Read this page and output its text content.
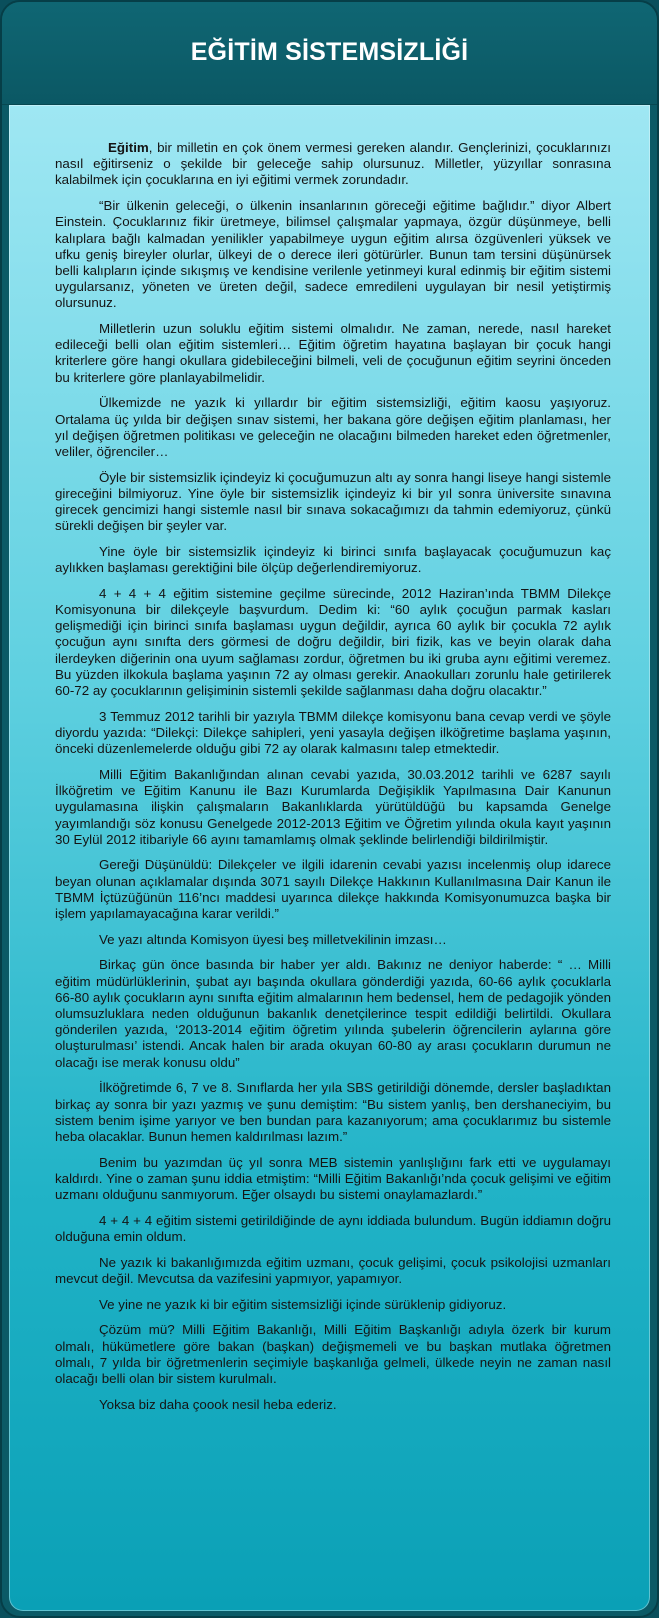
EĞİTİM SİSTEMSİZLİĞİ

Eğitim, bir milletin en çok önem vermesi gereken alandır. Gençlerinizi, çocuklarınızı nasıl eğitirseniz o şekilde bir geleceğe sahip olursunuz. Milletler, yüzyıllar sonrasına kalabilmek için çocuklarına en iyi eğitimi vermek zorundadır.

“Bir ülkenin geleceği, o ülkenin insanlarının göreceği eğitime bağlıdır.” diyor Albert Einstein. Çocuklarınız fikir üretmeye, bilimsel çalışmalar yapmaya, özgür düşünmeye, belli kalıplara bağlı kalmadan yenilikler yapabilmeye uygun eğitim alırsa özgüvenleri yüksek ve ufku geniş bireyler olurlar, ülkeyi de o derece ileri götürürler. Bunun tam tersini düşünürsek belli kalıpların içinde sıkışmış ve kendisine verilenle yetinmeyi kural edinmiş bir eğitim sistemi uygularsanız, yöneten ve üreten değil, sadece emredileni uygulayan bir nesil yetiştirmiş olursunuz.

Milletlerin uzun soluklu eğitim sistemi olmalıdır. Ne zaman, nerede, nasıl hareket edileceği belli olan eğitim sistemleri… Eğitim öğretim hayatına başlayan bir çocuk hangi kriterlere göre hangi okullara gidebileceğini bilmeli, veli de çocuğunun eğitim seyrini önceden bu kriterlere göre planlayabilmelidir.

Ülkemizde ne yazık ki yıllardır bir eğitim sistemsizliği, eğitim kaosu yaşıyoruz. Ortalama üç yılda bir değişen sınav sistemi, her bakana göre değişen eğitim planlaması, her yıl değişen öğretmen politikası ve geleceğin ne olacağını bilmeden hareket eden öğretmenler, veliler, öğrenciler…

Öyle bir sistemsizlik içindeyiz ki çocuğumuzun altı ay sonra hangi liseye hangi sistemle gireceğini bilmiyoruz. Yine öyle bir sistemsizlik içindeyiz ki bir yıl sonra üniversite sınavına girecek gencimizi hangi sistemle nasıl bir sınava sokacağımızı da tahmin edemiyoruz, çünkü sürekli değişen bir şeyler var.

Yine öyle bir sistemsizlik içindeyiz ki birinci sınıfa başlayacak çocuğumuzun kaç aylıkken başlaması gerektiğini bile ölçüp değerlendiremiyoruz.

4 + 4 + 4 eğitim sistemine geçilme sürecinde, 2012 Haziran’ında TBMM Dilekçe Komisyonuna bir dilekçeyle başvurdum. Dedim ki: “60 aylık çocuğun parmak kasları gelişmediği için birinci sınıfa başlaması uygun değildir, ayrıca 60 aylık bir çocukla 72 aylık çocuğun aynı sınıfta ders görmesi de doğru değildir, biri fizik, kas ve beyin olarak daha ilerdeyken diğerinin ona uyum sağlaması zordur, öğretmen bu iki gruba aynı eğitimi veremez. Bu yüzden ilkokula başlama yaşının 72 ay olması gerekir. Anaokulları zorunlu hale getirilerek 60-72 ay çocuklarının gelişiminin sistemli şekilde sağlanması daha doğru olacaktır.”

3 Temmuz 2012 tarihli bir yazıyla TBMM dilekçe komisyonu bana cevap verdi ve şöyle diyordu yazıda: “Dilekçi: Dilekçe sahipleri, yeni yasayla değişen ilköğretime başlama yaşının, önceki düzenlemelerde olduğu gibi 72 ay olarak kalmasını talep etmektedir.

Milli Eğitim Bakanlığından alınan cevabi yazıda, 30.03.2012 tarihli ve 6287 sayılı İlköğretim ve Eğitim Kanunu ile Bazı Kurumlarda Değişiklik Yapılmasına Dair Kanunun uygulamasına ilişkin çalışmaların Bakanlıklarda yürütüldüğü bu kapsamda Genelge yayımlandığı söz konusu Genelgede 2012-2013 Eğitim ve Öğretim yılında okula kayıt yaşının 30 Eylül 2012 itibariyle 66 ayını tamamlamış olmak şeklinde belirlendiği bildirilmiştir.

Gereği Düşünüldü: Dilekçeler ve ilgili idarenin cevabi yazısı incelenmiş olup idarece beyan olunan açıklamalar dışında 3071 sayılı Dilekçe Hakkının Kullanılmasına Dair Kanun ile TBMM İçtüzüğünün 116’ncı maddesi uyarınca dilekçe hakkında Komisyonumuzca başka bir işlem yapılamayacağına karar verildi.”

Ve yazı altında Komisyon üyesi beş milletvekilinin imzası…

Birkaç gün önce basında bir haber yer aldı. Bakınız ne deniyor haberde: “ … Milli eğitim müdürlüklerinin, şubat ayı başında okullara gönderdiği yazıda, 60-66 aylık çocuklarla 66-80 aylık çocukların aynı sınıfta eğitim almalarının hem bedensel, hem de pedagojik yönden olumsuzluklara neden olduğunun bakanlık denetçilerince tespit edildiği belirtildi. Okullara gönderilen yazıda, ‘2013-2014 eğitim öğretim yılında şubelerin öğrencilerin aylarına göre oluşturulması’ istendi. Ancak halen bir arada okuyan 60-80 ay arası çocukların durumun ne olacağı ise merak konusu oldu”

İlköğretimde 6, 7 ve 8. Sınıflarda her yıla SBS getirildiği dönemde, dersler başladıktan birkaç ay sonra bir yazı yazmış ve şunu demiştim: “Bu sistem yanlış, ben dershaneciyim, bu sistem benim işime yarıyor ve ben bundan para kazanıyorum; ama çocuklarımız bu sistemle heba olacaklar. Bunun hemen kaldırılması lazım.”

Benim bu yazımdan üç yıl sonra MEB sistemin yanlışlığını fark etti ve uygulamayı kaldırdı. Yine o zaman şunu iddia etmiştim: “Milli Eğitim Bakanlığı’nda çocuk gelişimi ve eğitim uzmanı olduğunu sanmıyorum. Eğer olsaydı bu sistemi onaylamazlardı.”

4 + 4 + 4 eğitim sistemi getirildiğinde de aynı iddiada bulundum. Bugün iddiamın doğru olduğuna emin oldum.

Ne yazık ki bakanlığımızda eğitim uzmanı, çocuk gelişimi, çocuk psikolojisi uzmanları mevcut değil. Mevcutsa da vazifesini yapmıyor, yapamıyor.

Ve yine ne yazık ki bir eğitim sistemsizliği içinde sürüklenip gidiyoruz.

Çözüm mü? Milli Eğitim Bakanlığı, Milli Eğitim Başkanlığı adıyla özerk bir kurum olmalı, hükümetlere göre bakan (başkan) değişmemeli ve bu başkan mutlaka öğretmen olmalı, 7 yılda bir öğretmenlerin seçimiyle başkanlığa gelmeli, ülkede neyin ne zaman nasıl olacağı belli olan bir sistem kurulmalı.

Yoksa biz daha çoook nesil heba ederiz.
